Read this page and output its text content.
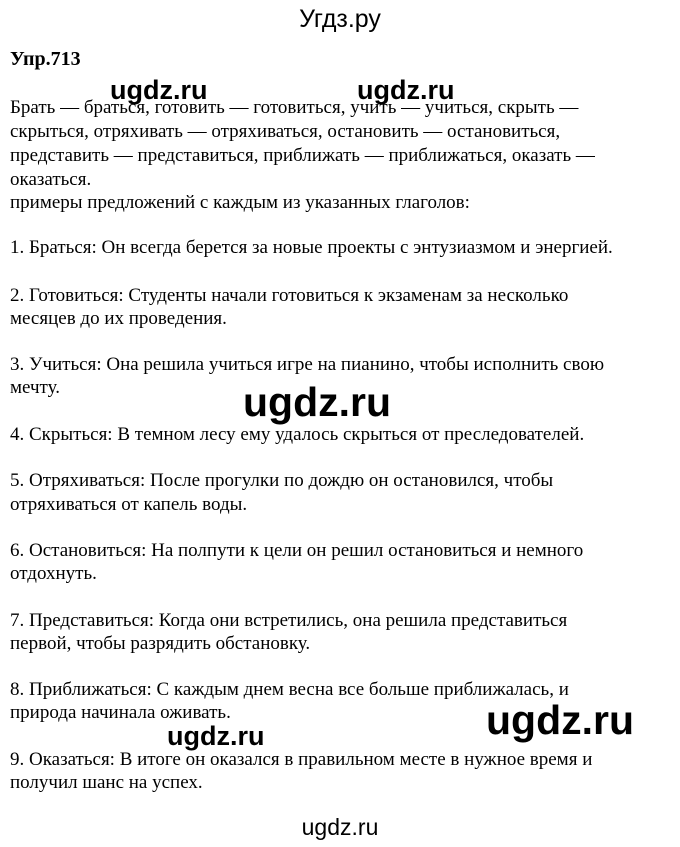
Угдз.ру
Упр.713
Брать — браться, готовить — готовиться, учить — учиться, скрыть —
скрыться, отряхивать — отряхиваться, остановить — остановиться,
представить — представиться, приближать — приближаться, оказать —
оказаться.
примеры предложений с каждым из указанных глаголов:
1. Браться: Он всегда берется за новые проекты с энтузиазмом и энергией.
2. Готовиться: Студенты начали готовиться к экзаменам за несколько
месяцев до их проведения.
3. Учиться: Она решила учиться игре на пианино, чтобы исполнить свою
мечту.
4. Скрыться: В темном лесу ему удалось скрыться от преследователей.
5. Отряхиваться: После прогулки по дождю он остановился, чтобы
отряхиваться от капель воды.
6. Остановиться: На полпути к цели он решил остановиться и немного
отдохнуть.
7. Представиться: Когда они встретились, она решила представиться
первой, чтобы разрядить обстановку.
8. Приближаться: С каждым днем весна все больше приближалась, и
природа начинала оживать.
9. Оказаться: В итоге он оказался в правильном месте в нужное время и
получил шанс на успех.
ugdz.ru	ugdz.ru
ugdz.ru
ugdz.ru
ugdz.ru
ugdz.ru
